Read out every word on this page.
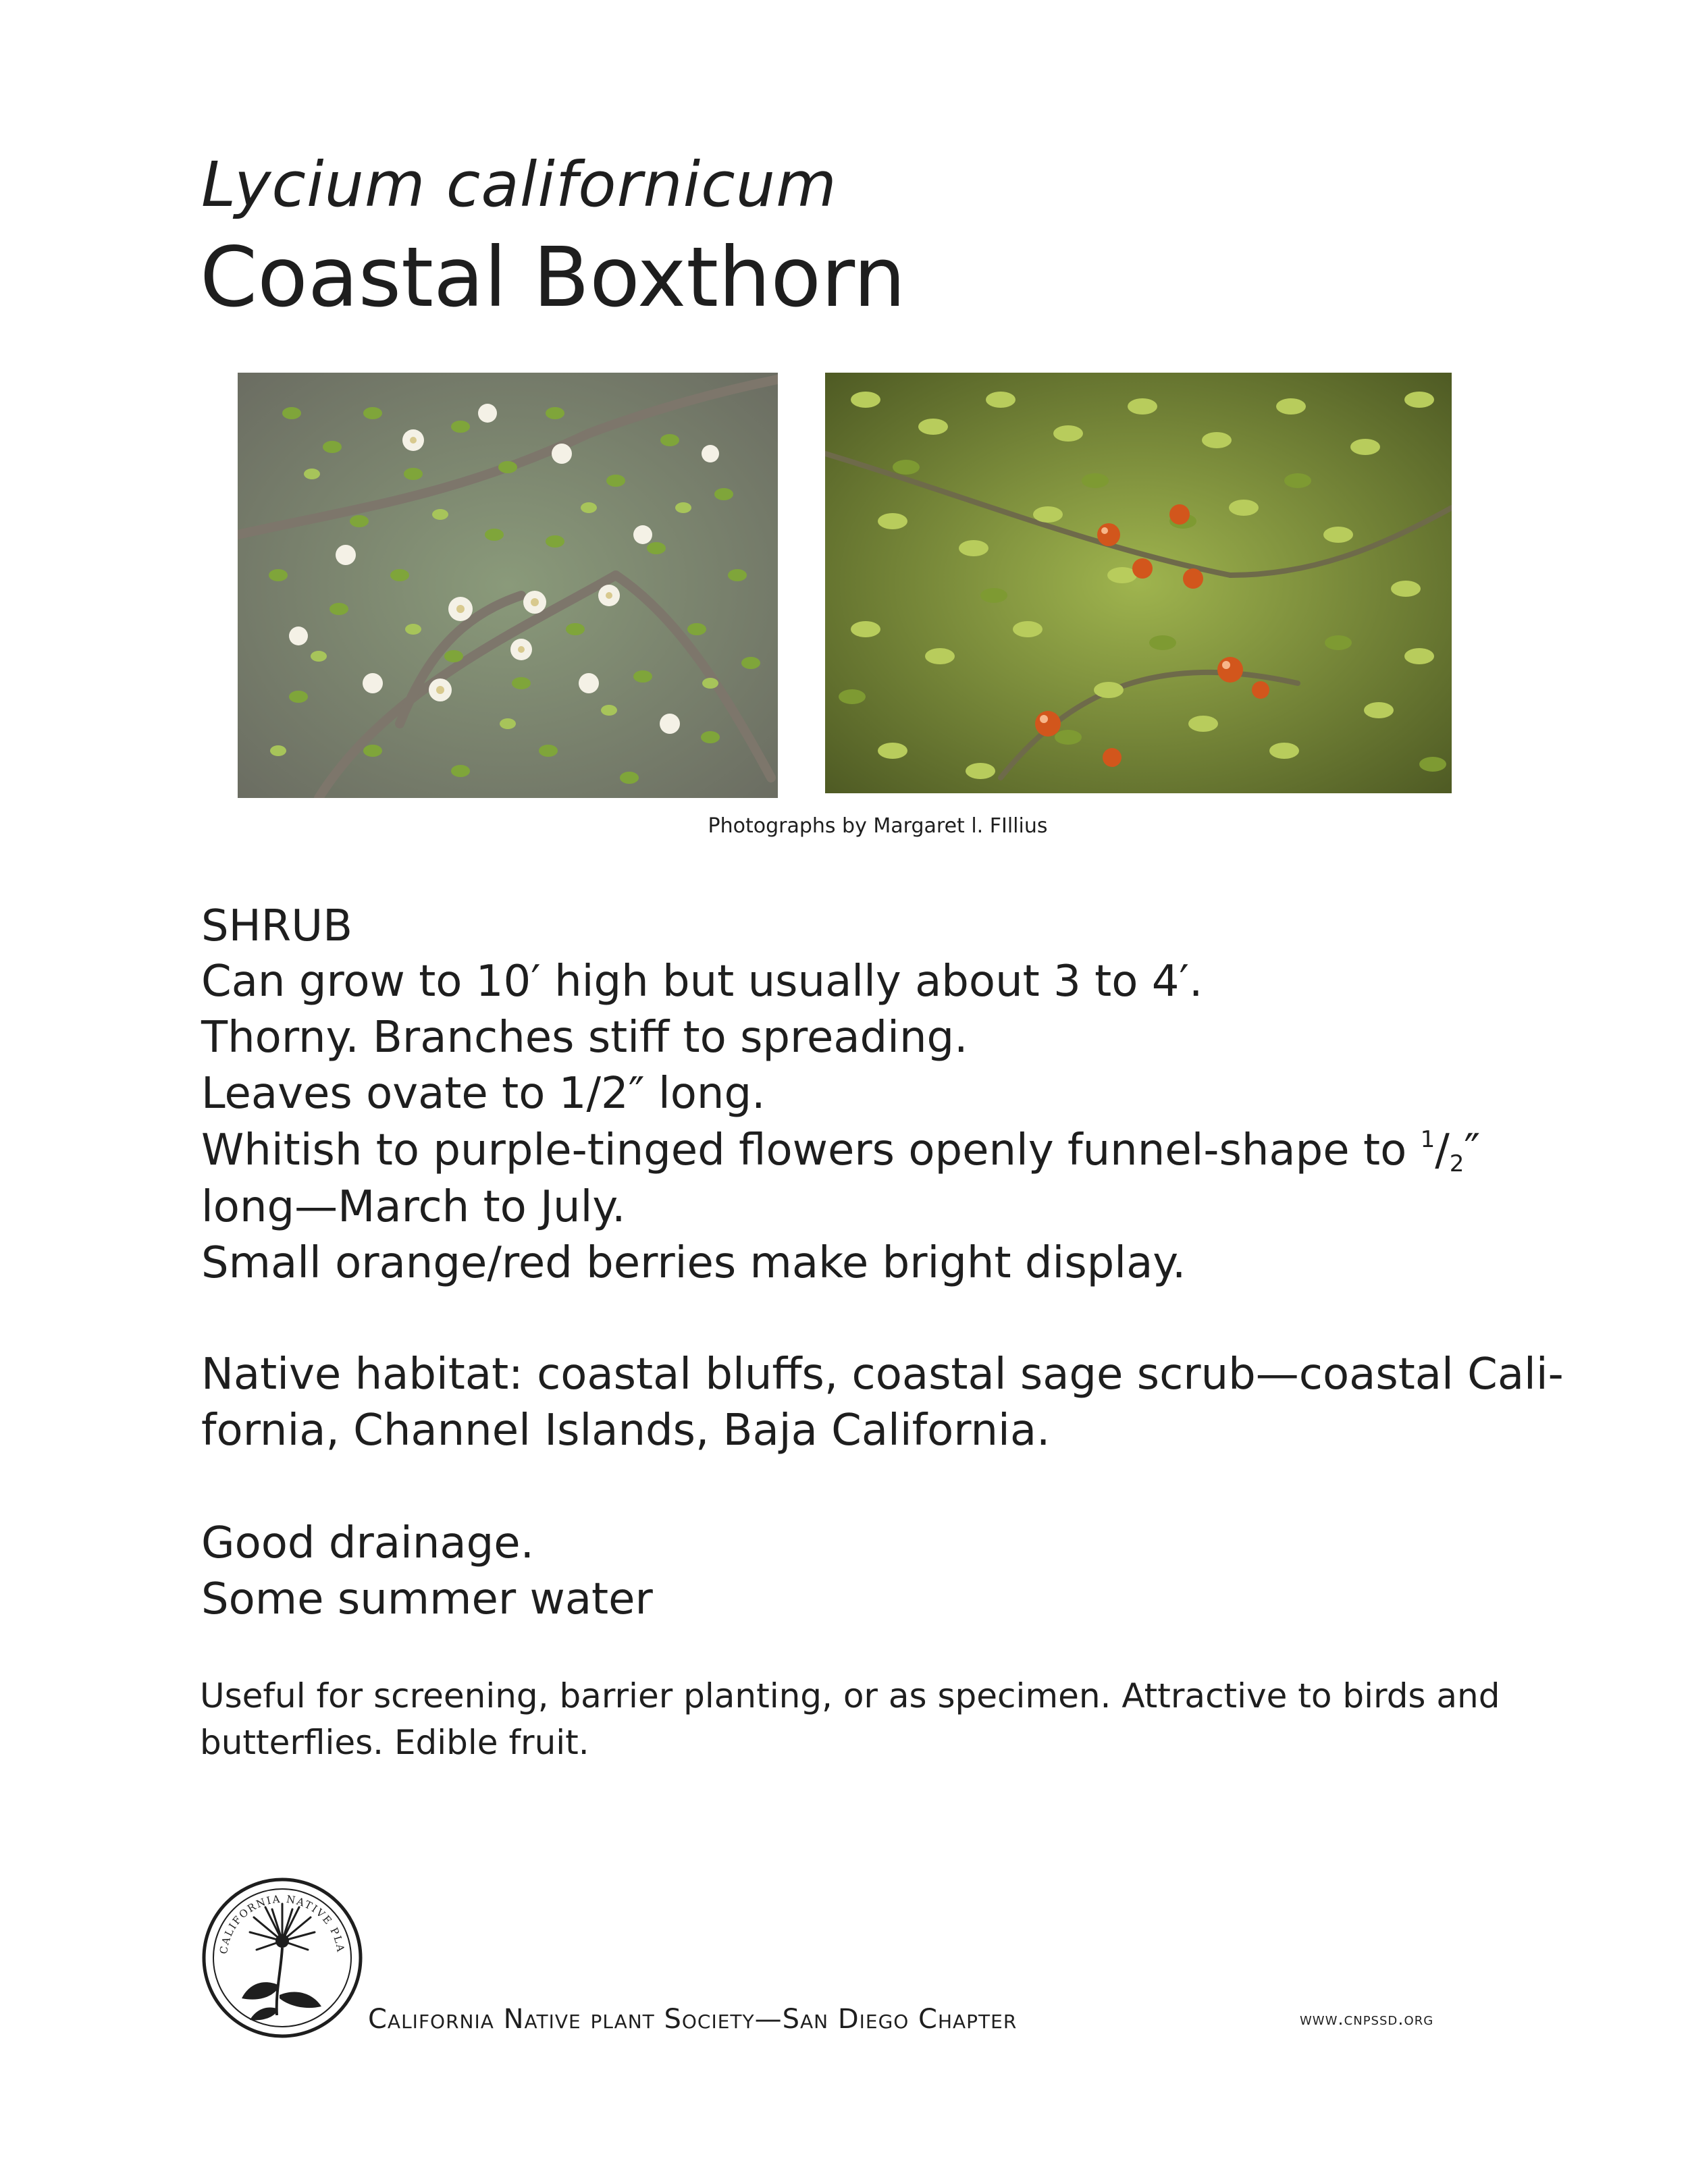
Lycium californicum
Coastal Boxthorn
Photographs by Margaret l. FIllius
SHRUB
Can grow to 10′ high but usually about 3 to 4′.
Thorny. Branches stiff to spreading.
Leaves ovate to 1/2″ long.
Whitish to purple-tinged flowers openly funnel-shape to $^1/_2''$
long—March to July.
Small orange/red berries make bright display.
Native habitat: coastal bluffs, coastal sage scrub—coastal Cali-
fornia, Channel Islands, Baja California.
Good drainage.
Some summer water
Useful for screening, barrier planting, or as specimen. Attractive to birds and butterflies. Edible fruit.
CALIFORNIA NATIVE PLA
California Native plant Society—San Diego Chapter	www.cnpssd.org
